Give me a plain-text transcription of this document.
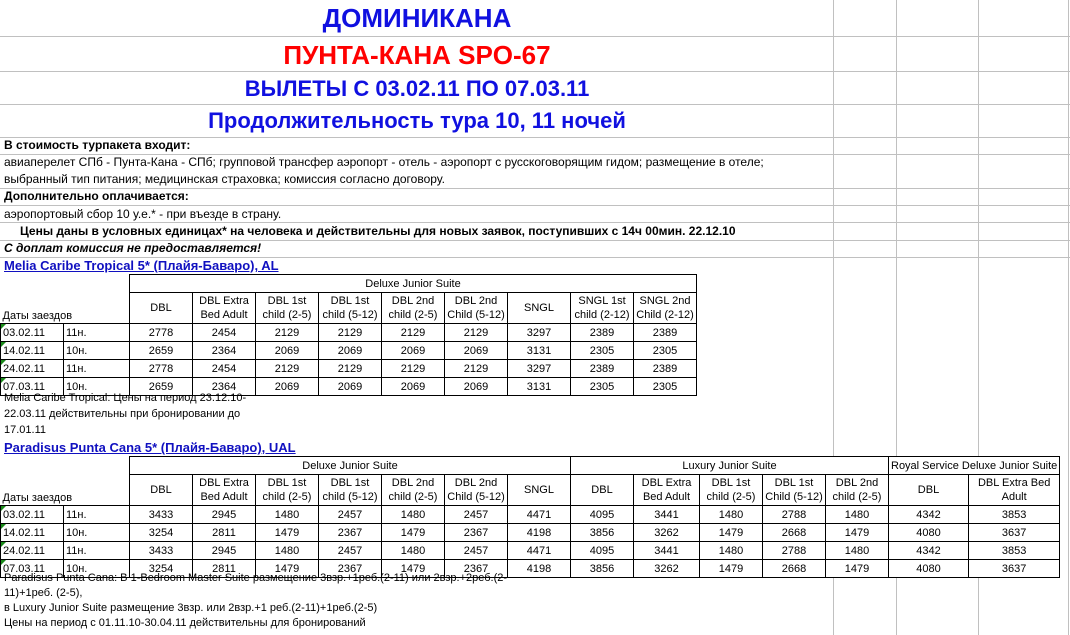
ДОМИНИКАНА
ПУНТА-КАНА SPO-67
ВЫЛЕТЫ С 03.02.11 ПО 07.03.11
Продолжительность тура 10, 11 ночей
В стоимость турпакета входит:
авиаперелет СПб - Пунта-Кана - СПб; групповой трансфер аэропорт - отель - аэропорт с русскоговорящим гидом; размещение в отеле;
выбранный тип питания; медицинская страховка; комиссия согласно договору.
Дополнительно оплачивается:
аэропортовый сбор 10 у.е.* - при въезде в страну.
Цены даны в условных единицах* на человека и действительны для новых заявок, поступивших с 14ч 00мин. 22.12.10
С доплат комиссия не предоставляется!
Melia Caribe Tropical 5* (Плайя-Баваро), AL
		Deluxe Junior Suite								
Даты заездов		DBL	DBL Extra Bed Adult	DBL 1st child (2-5)	DBL 1st child (5-12)	DBL 2nd child (2-5)	DBL 2nd Child (5-12)	SNGL	SNGL 1st child (2-12)	SNGL 2nd Child (2-12)
03.02.11	11н.	2778	2454	2129	2129	2129	2129	3297	2389	2389
14.02.11	10н.	2659	2364	2069	2069	2069	2069	3131	2305	2305
24.02.11	11н.	2778	2454	2129	2129	2129	2129	3297	2389	2389
07.03.11	10н.	2659	2364	2069	2069	2069	2069	3131	2305	2305
Melia Caribe Tropical: Цены на период 23.12.10-
22.03.11 действительны при бронировании до
17.01.11
Paradisus Punta Cana 5* (Плайя-Баваро), UAL
		Deluxe Junior Suite							Luxury Junior Suite					Royal Service Deluxe Junior Suite	
Даты заездов		DBL	DBL Extra Bed Adult	DBL 1st child (2-5)	DBL 1st child (5-12)	DBL 2nd child (2-5)	DBL 2nd Child (5-12)	SNGL	DBL	DBL Extra Bed Adult	DBL 1st child (2-5)	DBL 1st Child (5-12)	DBL 2nd child (2-5)	DBL	DBL Extra Bed Adult
03.02.11	11н.	3433	2945	1480	2457	1480	2457	4471	4095	3441	1480	2788	1480	4342	3853
14.02.11	10н.	3254	2811	1479	2367	1479	2367	4198	3856	3262	1479	2668	1479	4080	3637
24.02.11	11н.	3433	2945	1480	2457	1480	2457	4471	4095	3441	1480	2788	1480	4342	3853
07.03.11	10н.	3254	2811	1479	2367	1479	2367	4198	3856	3262	1479	2668	1479	4080	3637
Paradisus Punta Cana: В 1-Bedroom Master Suite размещение 3взр.+1реб.(2-11) или 2взр.+2реб.(2-
11)+1реб. (2-5),
в Luxury Junior Suite размещение 3взр. или 2взр.+1 реб.(2-11)+1реб.(2-5)
Цены на период с 01.11.10-30.04.11 действительны для бронирований
